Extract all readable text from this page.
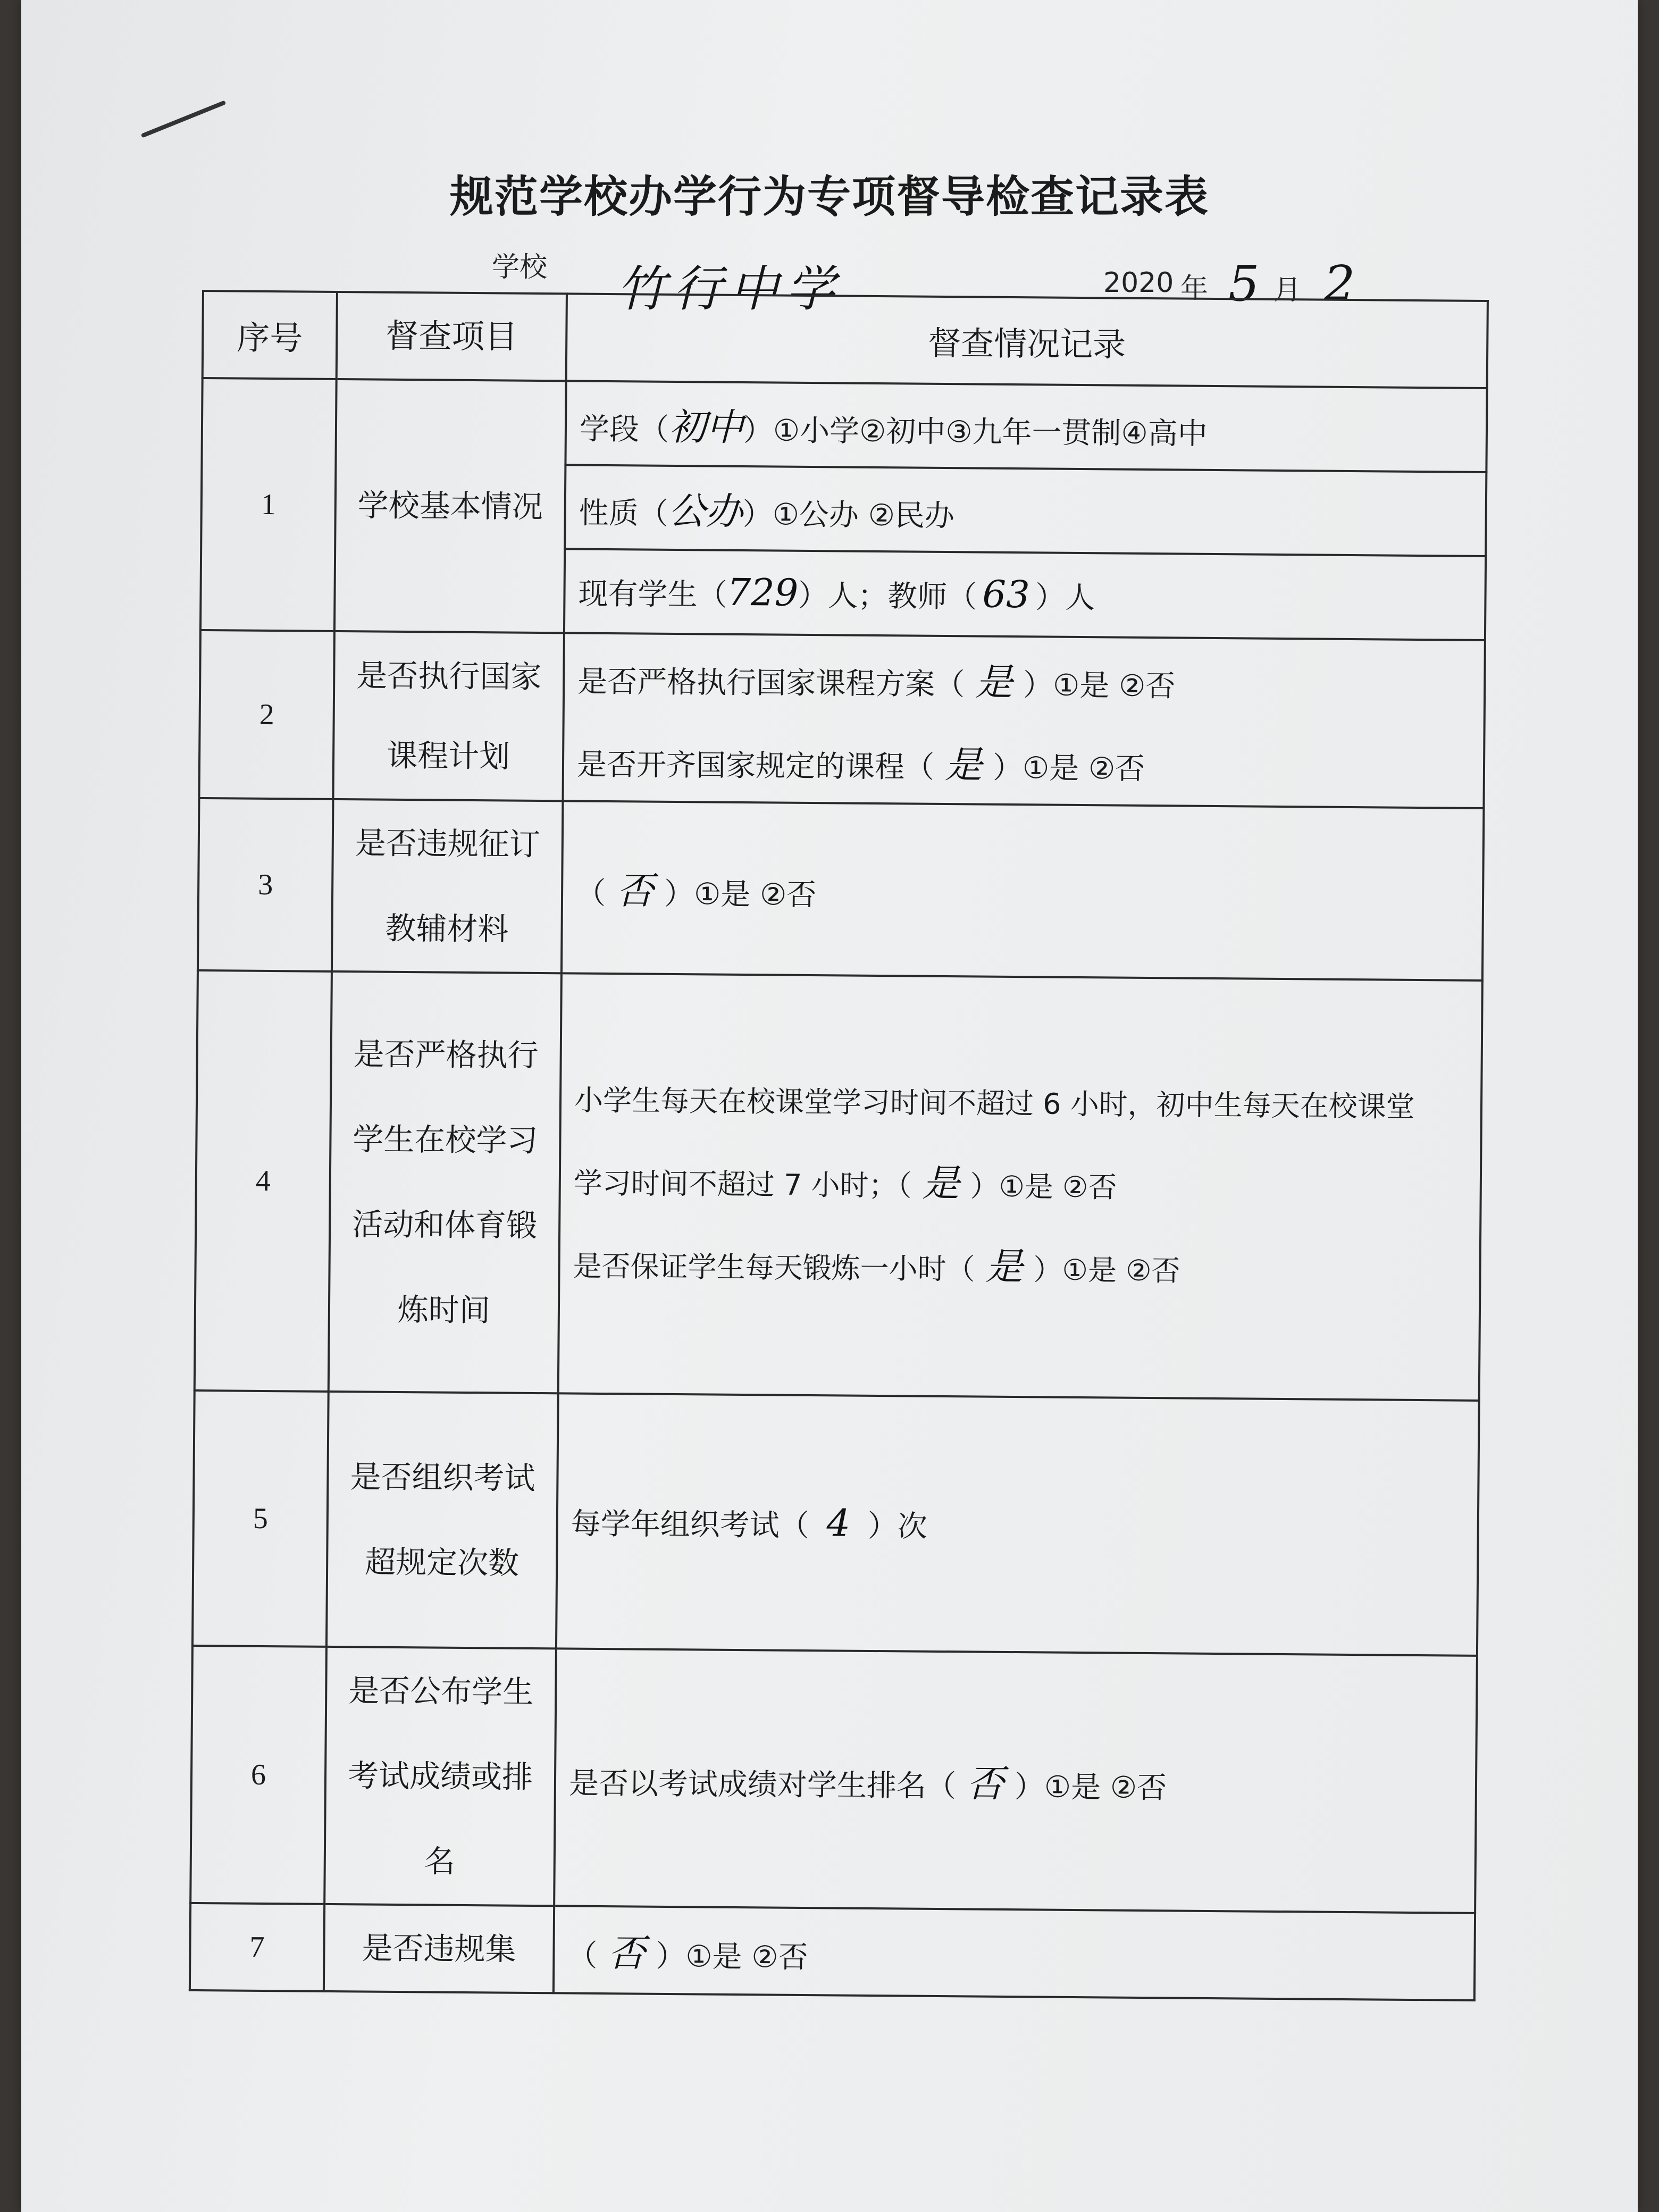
规范学校办学行为专项督导检查记录表
学校 竹行中学	2020 年 5 月 2
序号	督查项目	督查情况记录
1	学校基本情况	学段（初中）①小学②初中③九年一贯制④高中
		性质（公办）①公办 ②民办
		现有学生（729）人；教师（ 63 ）人
2	是否执行国家课程计划	是否严格执行国家课程方案（ 是 ）①是 ②否
		是否开齐国家规定的课程（ 是 ）①是 ②否
3	是否违规征订教辅材料	（ 否 ）①是 ②否
4	是否严格执行学生在校学习活动和体育锻炼时间	小学生每天在校课堂学习时间不超过 6 小时，初中生每天在校课堂
学习时间不超过 7 小时；（ 是 ）①是 ②否
是否保证学生每天锻炼一小时（ 是 ）①是 ②否

5	是否组织考试超规定次数	每学年组织考试（ 4 ）次
6	是否公布学生考试成绩或排名	是否以考试成绩对学生排名（ 否 ）①是 ②否
7	是否违规集	（ 否 ）①是 ②否
